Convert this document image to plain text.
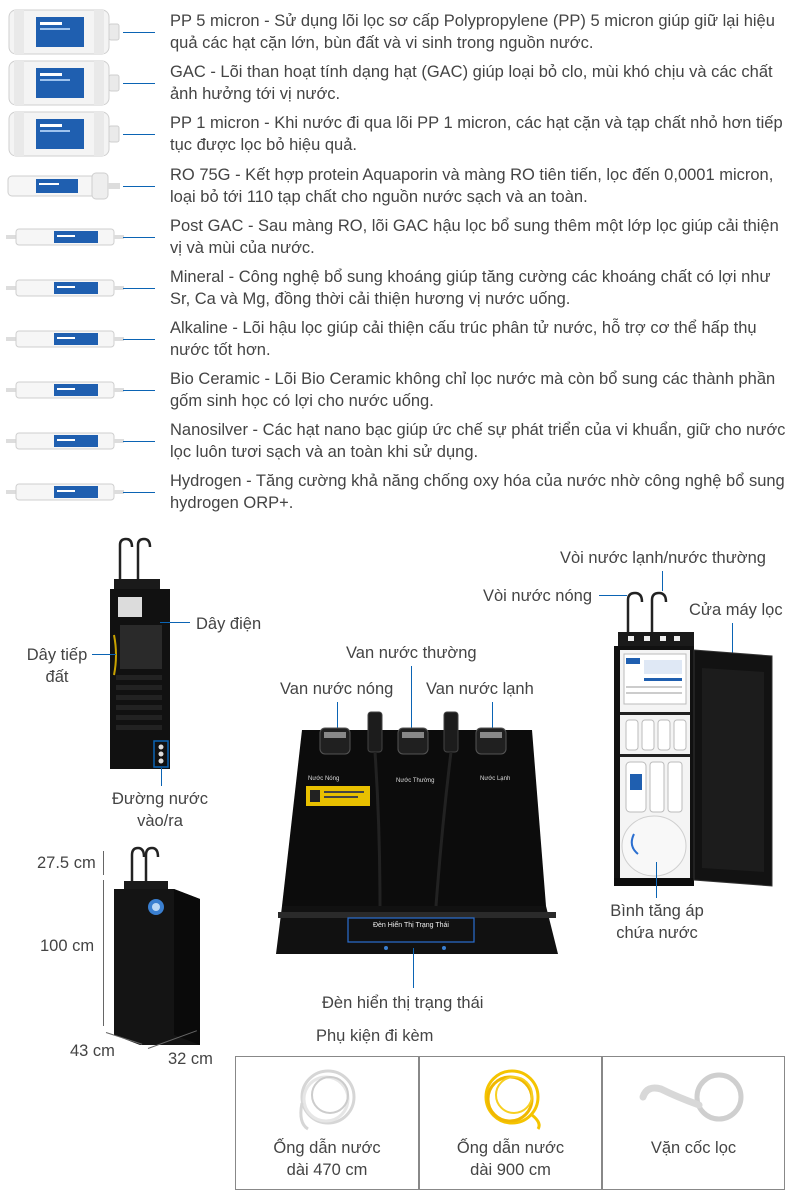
PP 5 micron - Sử dụng lõi lọc sơ cấp Polypropylene (PP) 5 micron giúp giữ lại hiệu quả các hạt cặn lớn, bùn đất và vi sinh trong nguồn nước.
GAC - Lõi than hoạt tính dạng hạt (GAC) giúp loại bỏ clo, mùi khó chịu và các chất ảnh hưởng tới vị nước.
PP 1 micron - Khi nước đi qua lõi PP 1 micron, các hạt cặn và tạp chất nhỏ hơn tiếp tục được lọc bỏ hiệu quả.
RO 75G - Kết hợp protein Aquaporin và màng RO tiên tiến, lọc đến 0,0001 micron, loại bỏ tới 110 tạp chất cho nguồn nước sạch và an toàn.
Post GAC - Sau màng RO, lõi GAC hậu lọc bổ sung thêm một lớp lọc giúp cải thiện vị và mùi của nước.
Mineral - Công nghệ bổ sung khoáng giúp tăng cường các khoáng chất có lợi như Sr, Ca và Mg, đồng thời cải thiện hương vị nước uống.
Alkaline - Lõi hậu lọc giúp cải thiện cấu trúc phân tử nước, hỗ trợ cơ thể hấp thụ nước tốt hơn.
Bio Ceramic - Lõi Bio Ceramic không chỉ lọc nước mà còn bổ sung các thành phần gốm sinh học có lợi cho nước uống.
Nanosilver - Các hạt nano bạc giúp ức chế sự phát triển của vi khuẩn, giữ cho nước lọc luôn tươi sạch và an toàn khi sử dụng.
Hydrogen - Tăng cường khả năng chống oxy hóa của nước nhờ công nghệ bổ sung hydrogen ORP+.
Dây điện
Dây tiếp
đất
Đường nước
vào/ra
27.5 cm
100 cm
43 cm	32 cm
Van nước thường
Van nước nóng Van nước lạnh
Nước Nóng	Nước Thường	Nước Lạnh
Đèn Hiển Thị Trạng Thái
Đèn hiển thị trạng thái
Vòi nước lạnh/nước thường
Vòi nước nóng
Cửa máy lọc
Bình tăng áp
chứa nước
Phụ kiện đi kèm
Ống dẫn nước
dài 470 cm
Ống dẫn nước
dài 900 cm
Vặn cốc lọc
